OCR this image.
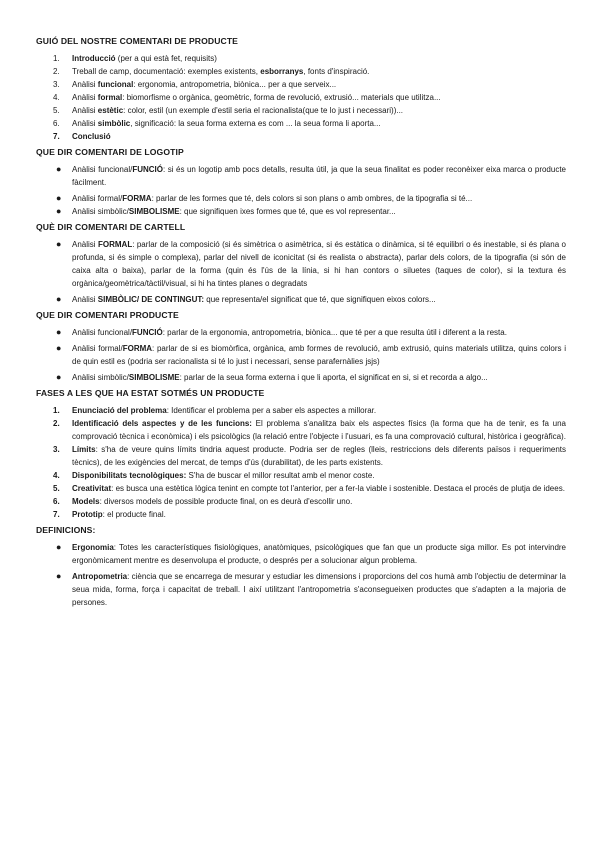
GUIÓ DEL NOSTRE COMENTARI DE PRODUCTE
1. Introducció (per a qui està fet, requisits)
2. Treball de camp, documentació: exemples existents, esborranys, fonts d'inspiració.
3. Anàlisi funcional: ergonomia, antropometria, biònica... per a que serveix...
4. Anàlisi formal: biomorfisme o orgànica, geomètric, forma de revolució, extrusió... materials que utilitza...
5. Anàlisi estètic: color, estil (un exemple d'estil seria el racionalista(que te lo just i necessari))...
6. Anàlisi simbòlic, significació: la seua forma externa es com ... la seua forma li aporta...
7. Conclusió
QUE DIR COMENTARI DE LOGOTIP
● Anàlisi funcional/FUNCIÓ: si és un logotip amb pocs detalls, resulta útil, ja que la seua finalitat es poder reconèixer eixa marca o producte fàcilment.
● Anàlisi formal/FORMA: parlar de les formes que té, dels colors si son plans o amb ombres, de la tipografia si té...
● Anàlisi simbòlic/SIMBOLISME: que signifiquen ixes formes que té, que es vol representar...
QUÈ DIR COMENTARI DE CARTELL
● Anàlisi FORMAL: parlar de la composició (si és simètrica o asimètrica, si és estàtica o dinàmica, si té equilibri o és inestable, si és plana o profunda, si és simple o complexa), parlar del nivell de iconicitat (si és realista o abstracta), parlar dels colors, de la tipografia (si són de caixa alta o baixa), parlar de la forma (quin és l'ús de la línia, si hi han contors o siluetes (taques de color), si la textura és orgànica/geomètrica/tàctil/visual, si hi ha tintes planes o degradats
● Anàlisi SIMBÒLIC/ DE CONTINGUT: que representa/el significat que té, que signifiquen eixos colors...
QUE DIR COMENTARI PRODUCTE
● Anàlisi funcional/FUNCIÓ: parlar de la ergonomia, antropometria, biònica... que té per a que resulta útil i diferent a la resta.
● Anàlisi formal/FORMA: parlar de si es biomòrfica, orgànica, amb formes de revolució, amb extrusió, quins materials utilitza, quins colors i de quin estil es (podria ser racionalista si té lo just i necessari, sense parafernàlies jsjs)
● Anàlisi simbòlic/SIMBOLISME: parlar de la seua forma externa i que li aporta, el significat en si, si et recorda a algo...
FASES A LES QUE HA ESTAT SOTMÉS UN PRODUCTE
1. Enunciació del problema: Identificar el problema per a saber els aspectes a millorar.
2. Identificació dels aspectes y de les funcions: El problema s'analitza baix els aspectes físics (la forma que ha de tenir, es fa una comprovació tècnica i econòmica) i els psicològics (la relació entre l'objecte i l'usuari, es fa una comprovació cultural, històrica i geogràfica).
3. Límits: s'ha de veure quins límits tindria aquest producte. Podria ser de regles (lleis, restriccions dels diferents països i requeriments tècnics), de les exigències del mercat, de temps d'ús (durabilitat), de les parts existents.
4. Disponibilitats tecnològiques: S'ha de buscar el millor resultat amb el menor coste.
5. Creativitat: es busca una estètica lògica tenint en compte tot l'anterior, per a fer-la viable i sostenible. Destaca el procés de plutja de idees.
6. Models: diversos models de possible producte final, on es deurà d'escollir uno.
7. Prototip: el producte final.
DEFINICIONS:
● Ergonomia: Totes les característiques fisiològiques, anatòmiques, psicològiques que fan que un producte siga millor. Es pot intervindre ergonòmicament mentre es desenvolupa el producte, o després per a solucionar algun problema.
● Antropometria: ciència que se encarrega de mesurar y estudiar les dimensions i proporcions del cos humà amb l'objectiu de determinar la seua mida, forma, força i capacitat de treball. I així utilitzant l'antropometria s'aconsegueixen productes que s'adapten a la majoria de persones.
